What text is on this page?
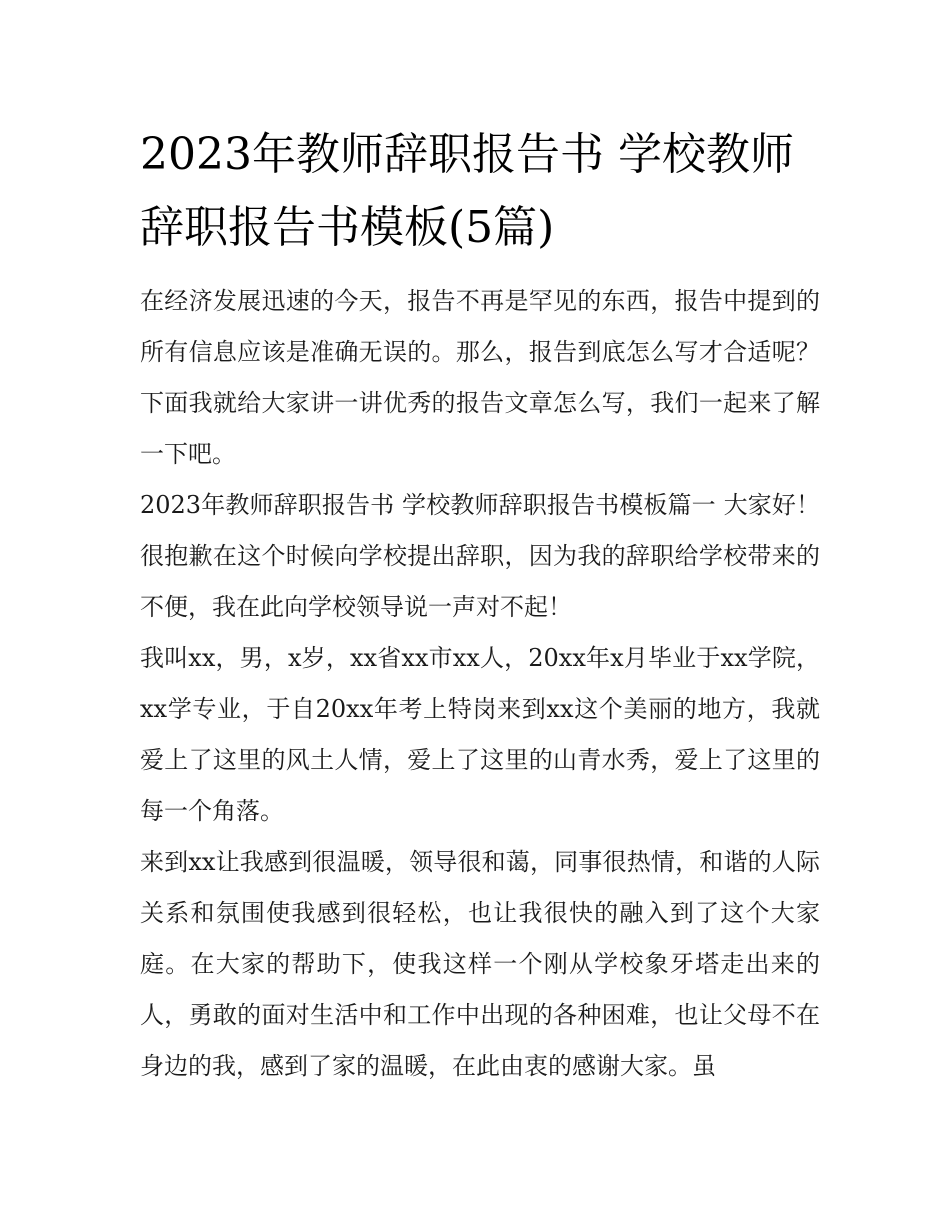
2023年教师辞职报告书 学校教师辞职报告书模板(5篇)

在经济发展迅速的今天，报告不再是罕见的东西，报告中提到的所有信息应该是准确无误的。那么，报告到底怎么写才合适呢？下面我就给大家讲一讲优秀的报告文章怎么写，我们一起来了解一下吧。

2023年教师辞职报告书 学校教师辞职报告书模板篇一 大家好！ 很抱歉在这个时候向学校提出辞职，因为我的辞职给学校带来的不便，我在此向学校领导说一声对不起！

我叫xx，男，x岁，xx省xx市xx人，20xx年x月毕业于xx学院，xx学专业，于自20xx年考上特岗来到xx这个美丽的地方，我就爱上了这里的风土人情，爱上了这里的山青水秀，爱上了这里的每一个角落。

来到xx让我感到很温暖，领导很和蔼，同事很热情，和谐的人际关系和氛围使我感到很轻松，也让我很快的融入到了这个大家庭。在大家的帮助下，使我这样一个刚从学校象牙塔走出来的人，勇敢的面对生活中和工作中出现的各种困难，也让父母不在身边的我，感到了家的温暖，在此由衷的感谢大家。虽
